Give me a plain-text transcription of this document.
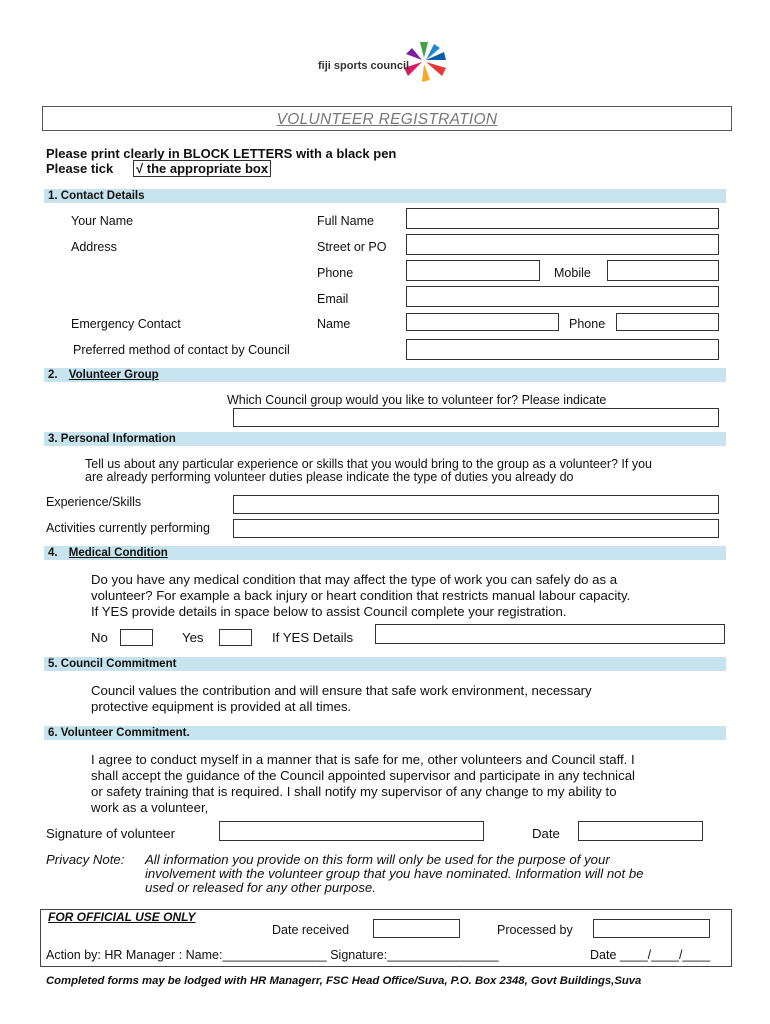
fiji sports council
VOLUNTEER REGISTRATION
Please print clearly in BLOCK LETTERS with a black pen
Please tick √ the appropriate box
1. Contact Details
Your Name	Full Name
Address	Street or PO
Phone	Mobile
Email
Emergency Contact	Name	Phone
Preferred method of contact by Council
2. Volunteer Group
Which Council group would you like to volunteer for? Please indicate
3. Personal Information
Tell us about any particular experience or skills that you would bring to the group as a volunteer? If you
are already performing volunteer duties please indicate the type of duties you already do
Experience/Skills
Activities currently performing
4. Medical Condition
Do you have any medical condition that may affect the type of work you can safely do as a
volunteer? For example a back injury or heart condition that restricts manual labour capacity.
If YES provide details in space below to assist Council complete your registration.
No	Yes	If YES Details
5. Council Commitment
Council values the contribution and will ensure that safe work environment, necessary
protective equipment is provided at all times.
6. Volunteer Commitment.
I agree to conduct myself in a manner that is safe for me, other volunteers and Council staff. I
shall accept the guidance of the Council appointed supervisor and participate in any technical
or safety training that is required. I shall notify my supervisor of any change to my ability to
work as a volunteer,
Signature of volunteer	Date
Privacy Note: All information you provide on this form will only be used for the purpose of your
involvement with the volunteer group that you have nominated. Information will not be
used or released for any other purpose.
FOR OFFICIAL USE ONLY
Date received	Processed by
Action by: HR Manager : Name:_______________ Signature:________________	Date ____/____/____
Completed forms may be lodged with HR Managerr, FSC Head Office/Suva, P.O. Box 2348, Govt Buildings,Suva
